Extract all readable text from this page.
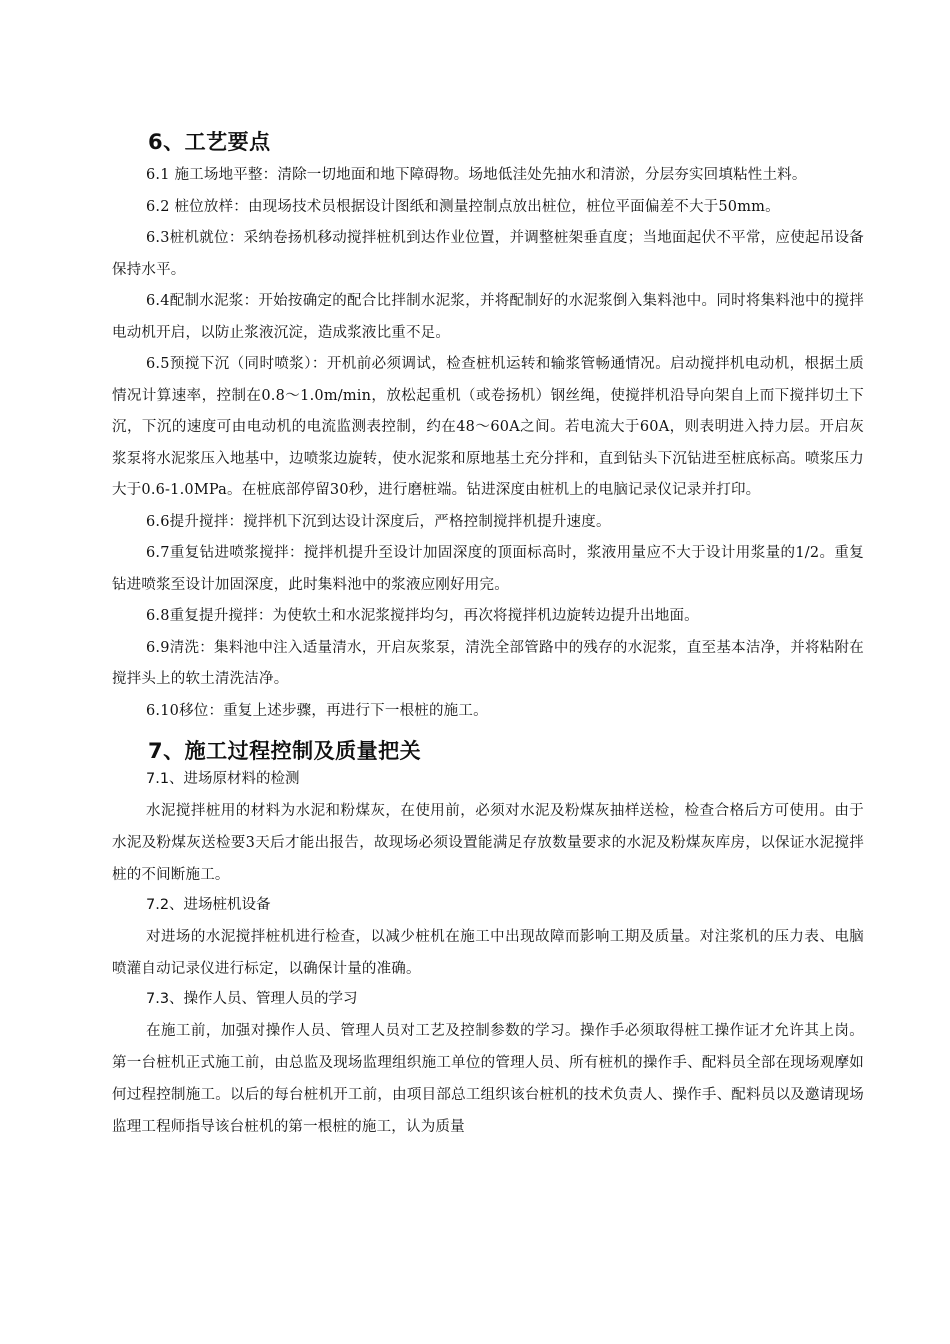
6、工艺要点

6.1 施工场地平整：清除一切地面和地下障碍物。场地低洼处先抽水和清淤，分层夯实回填粘性土料。

6.2 桩位放样：由现场技术员根据设计图纸和测量控制点放出桩位，桩位平面偏差不大于50mm。

6.3桩机就位：采纳卷扬机移动搅拌桩机到达作业位置，并调整桩架垂直度；当地面起伏不平常，应使起吊设备保持水平。

6.4配制水泥浆：开始按确定的配合比拌制水泥浆，并将配制好的水泥浆倒入集料池中。同时将集料池中的搅拌电动机开启，以防止浆液沉淀，造成浆液比重不足。

6.5预搅下沉（同时喷浆）：开机前必须调试，检查桩机运转和输浆管畅通情况。启动搅拌机电动机，根据土质情况计算速率，控制在0.8～1.0m/min，放松起重机（或卷扬机）钢丝绳，使搅拌机沿导向架自上而下搅拌切土下沉，下沉的速度可由电动机的电流监测表控制，约在48～60A之间。若电流大于60A，则表明进入持力层。开启灰浆泵将水泥浆压入地基中，边喷浆边旋转，使水泥浆和原地基土充分拌和，直到钻头下沉钻进至桩底标高。喷浆压力大于0.6-1.0MPa。在桩底部停留30秒，进行磨桩端。钻进深度由桩机上的电脑记录仪记录并打印。

6.6提升搅拌：搅拌机下沉到达设计深度后，严格控制搅拌机提升速度。

6.7重复钻进喷浆搅拌：搅拌机提升至设计加固深度的顶面标高时，浆液用量应不大于设计用浆量的1/2。重复钻进喷浆至设计加固深度，此时集料池中的浆液应刚好用完。

6.8重复提升搅拌：为使软土和水泥浆搅拌均匀，再次将搅拌机边旋转边提升出地面。

6.9清洗：集料池中注入适量清水，开启灰浆泵，清洗全部管路中的残存的水泥浆，直至基本洁净，并将粘附在搅拌头上的软土清洗洁净。

6.10移位：重复上述步骤，再进行下一根桩的施工。

7、施工过程控制及质量把关
7.1、进场原材料的检测

水泥搅拌桩用的材料为水泥和粉煤灰，在使用前，必须对水泥及粉煤灰抽样送检，检查合格后方可使用。由于水泥及粉煤灰送检要3天后才能出报告，故现场必须设置能满足存放数量要求的水泥及粉煤灰库房，以保证水泥搅拌桩的不间断施工。

7.2、进场桩机设备

对进场的水泥搅拌桩机进行检查，以减少桩机在施工中出现故障而影响工期及质量。对注浆机的压力表、电脑喷灌自动记录仪进行标定，以确保计量的准确。

7.3、操作人员、管理人员的学习

在施工前，加强对操作人员、管理人员对工艺及控制参数的学习。操作手必须取得桩工操作证才允许其上岗。第一台桩机正式施工前，由总监及现场监理组织施工单位的管理人员、所有桩机的操作手、配料员全部在现场观摩如何过程控制施工。以后的每台桩机开工前，由项目部总工组织该台桩机的技术负责人、操作手、配料员以及邀请现场监理工程师指导该台桩机的第一根桩的施工，认为质量
